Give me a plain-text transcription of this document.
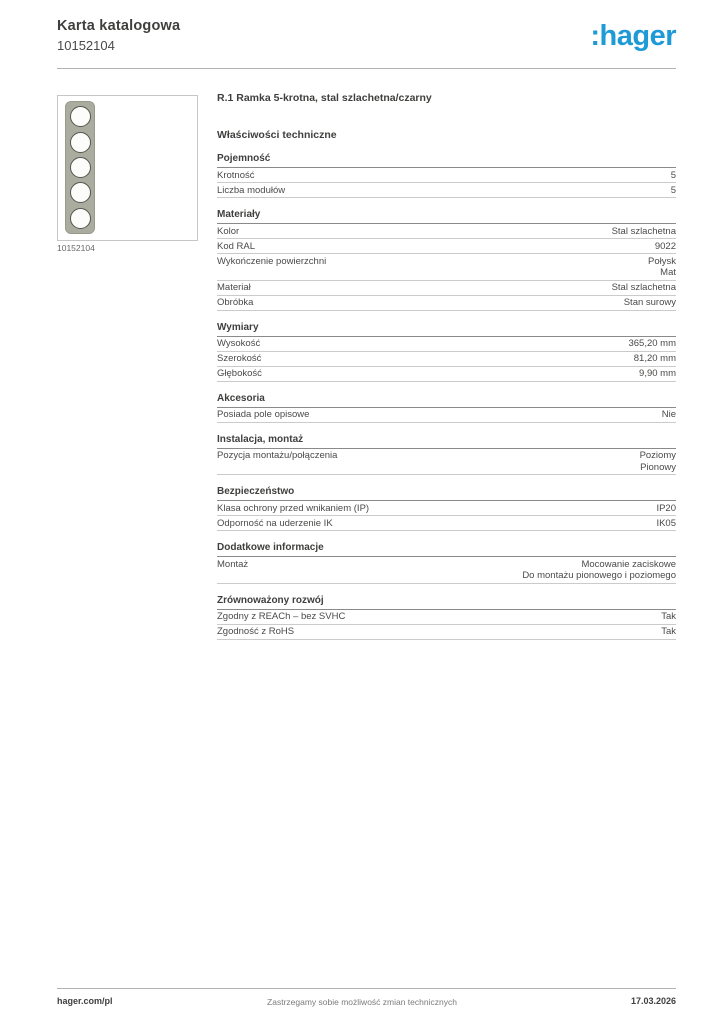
Karta katalogowa
10152104	:hager
10152104
R.1 Ramka 5-krotna, stal szlachetna/czarny
Właściwości techniczne
Pojemność
Krotność	5
Liczba modułów	5
Materiały
Kolor	Stal szlachetna
Kod RAL	9022
Wykończenie powierzchni	Połysk
Mat
Materiał	Stal szlachetna
Obróbka	Stan surowy
Wymiary
Wysokość	365,20 mm
Szerokość	81,20 mm
Głębokość	9,90 mm
Akcesoria
Posiada pole opisowe	Nie
Instalacja, montaż
Pozycja montażu/połączenia	Poziomy
Pionowy
Bezpieczeństwo
Klasa ochrony przed wnikaniem (IP)	IP20
Odporność na uderzenie IK	IK05
Dodatkowe informacje
Montaż	Mocowanie zaciskowe
Do montażu pionowego i poziomego
Zrównoważony rozwój
Zgodny z REACh – bez SVHC	Tak
Zgodność z RoHS	Tak
hager.com/pl	Zastrzegamy sobie możliwość zmian technicznych	17.03.2026
